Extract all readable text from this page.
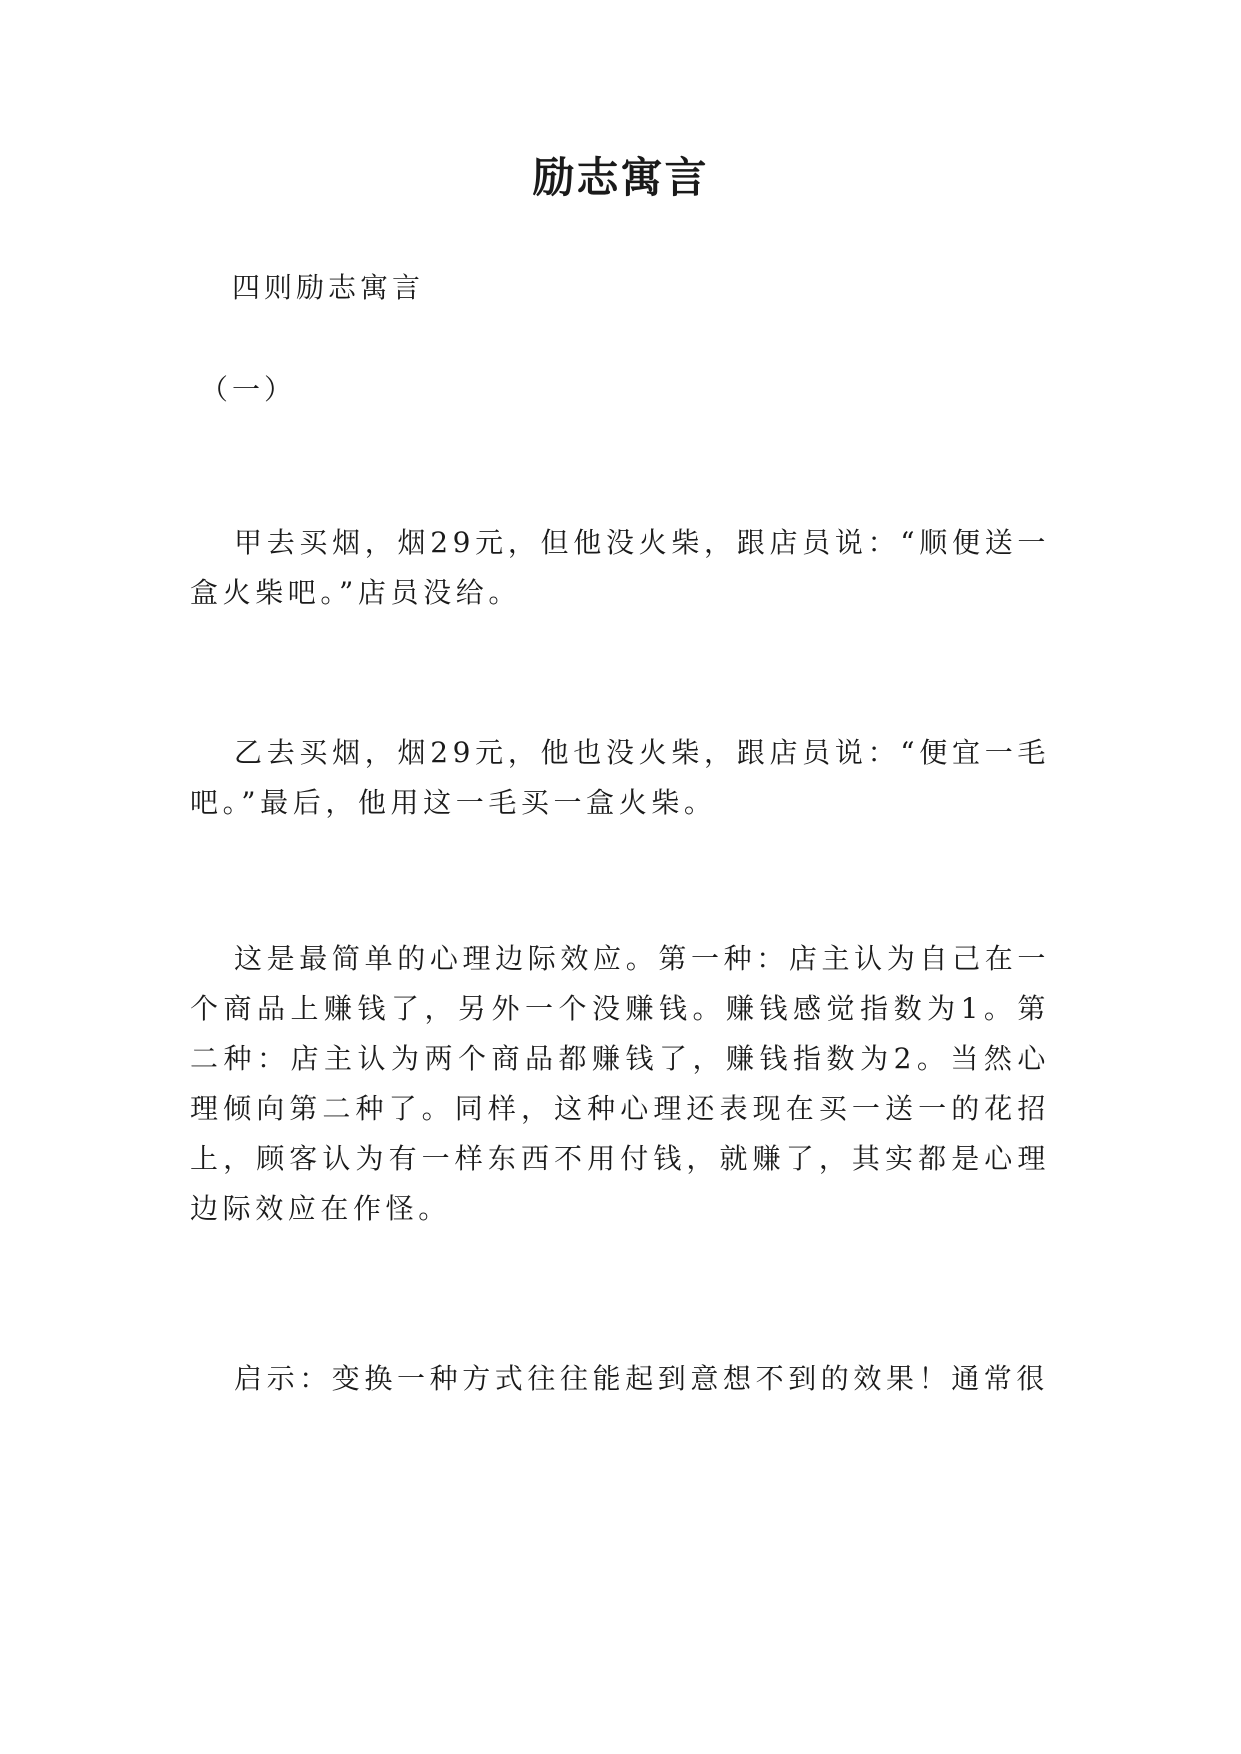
励志寓言
四则励志寓言
（一）
甲去买烟，烟29元，但他没火柴，跟店员说：“顺便送一盒火柴吧。”店员没给。
乙去买烟，烟29元，他也没火柴，跟店员说：“便宜一毛吧。”最后，他用这一毛买一盒火柴。
这是最简单的心理边际效应。第一种：店主认为自己在一个商品上赚钱了，另外一个没赚钱。赚钱感觉指数为1。第二种：店主认为两个商品都赚钱了，赚钱指数为2。当然心理倾向第二种了。同样，这种心理还表现在买一送一的花招上，顾客认为有一样东西不用付钱，就赚了，其实都是心理边际效应在作怪。
启示：变换一种方式往往能起到意想不到的效果！通常很
